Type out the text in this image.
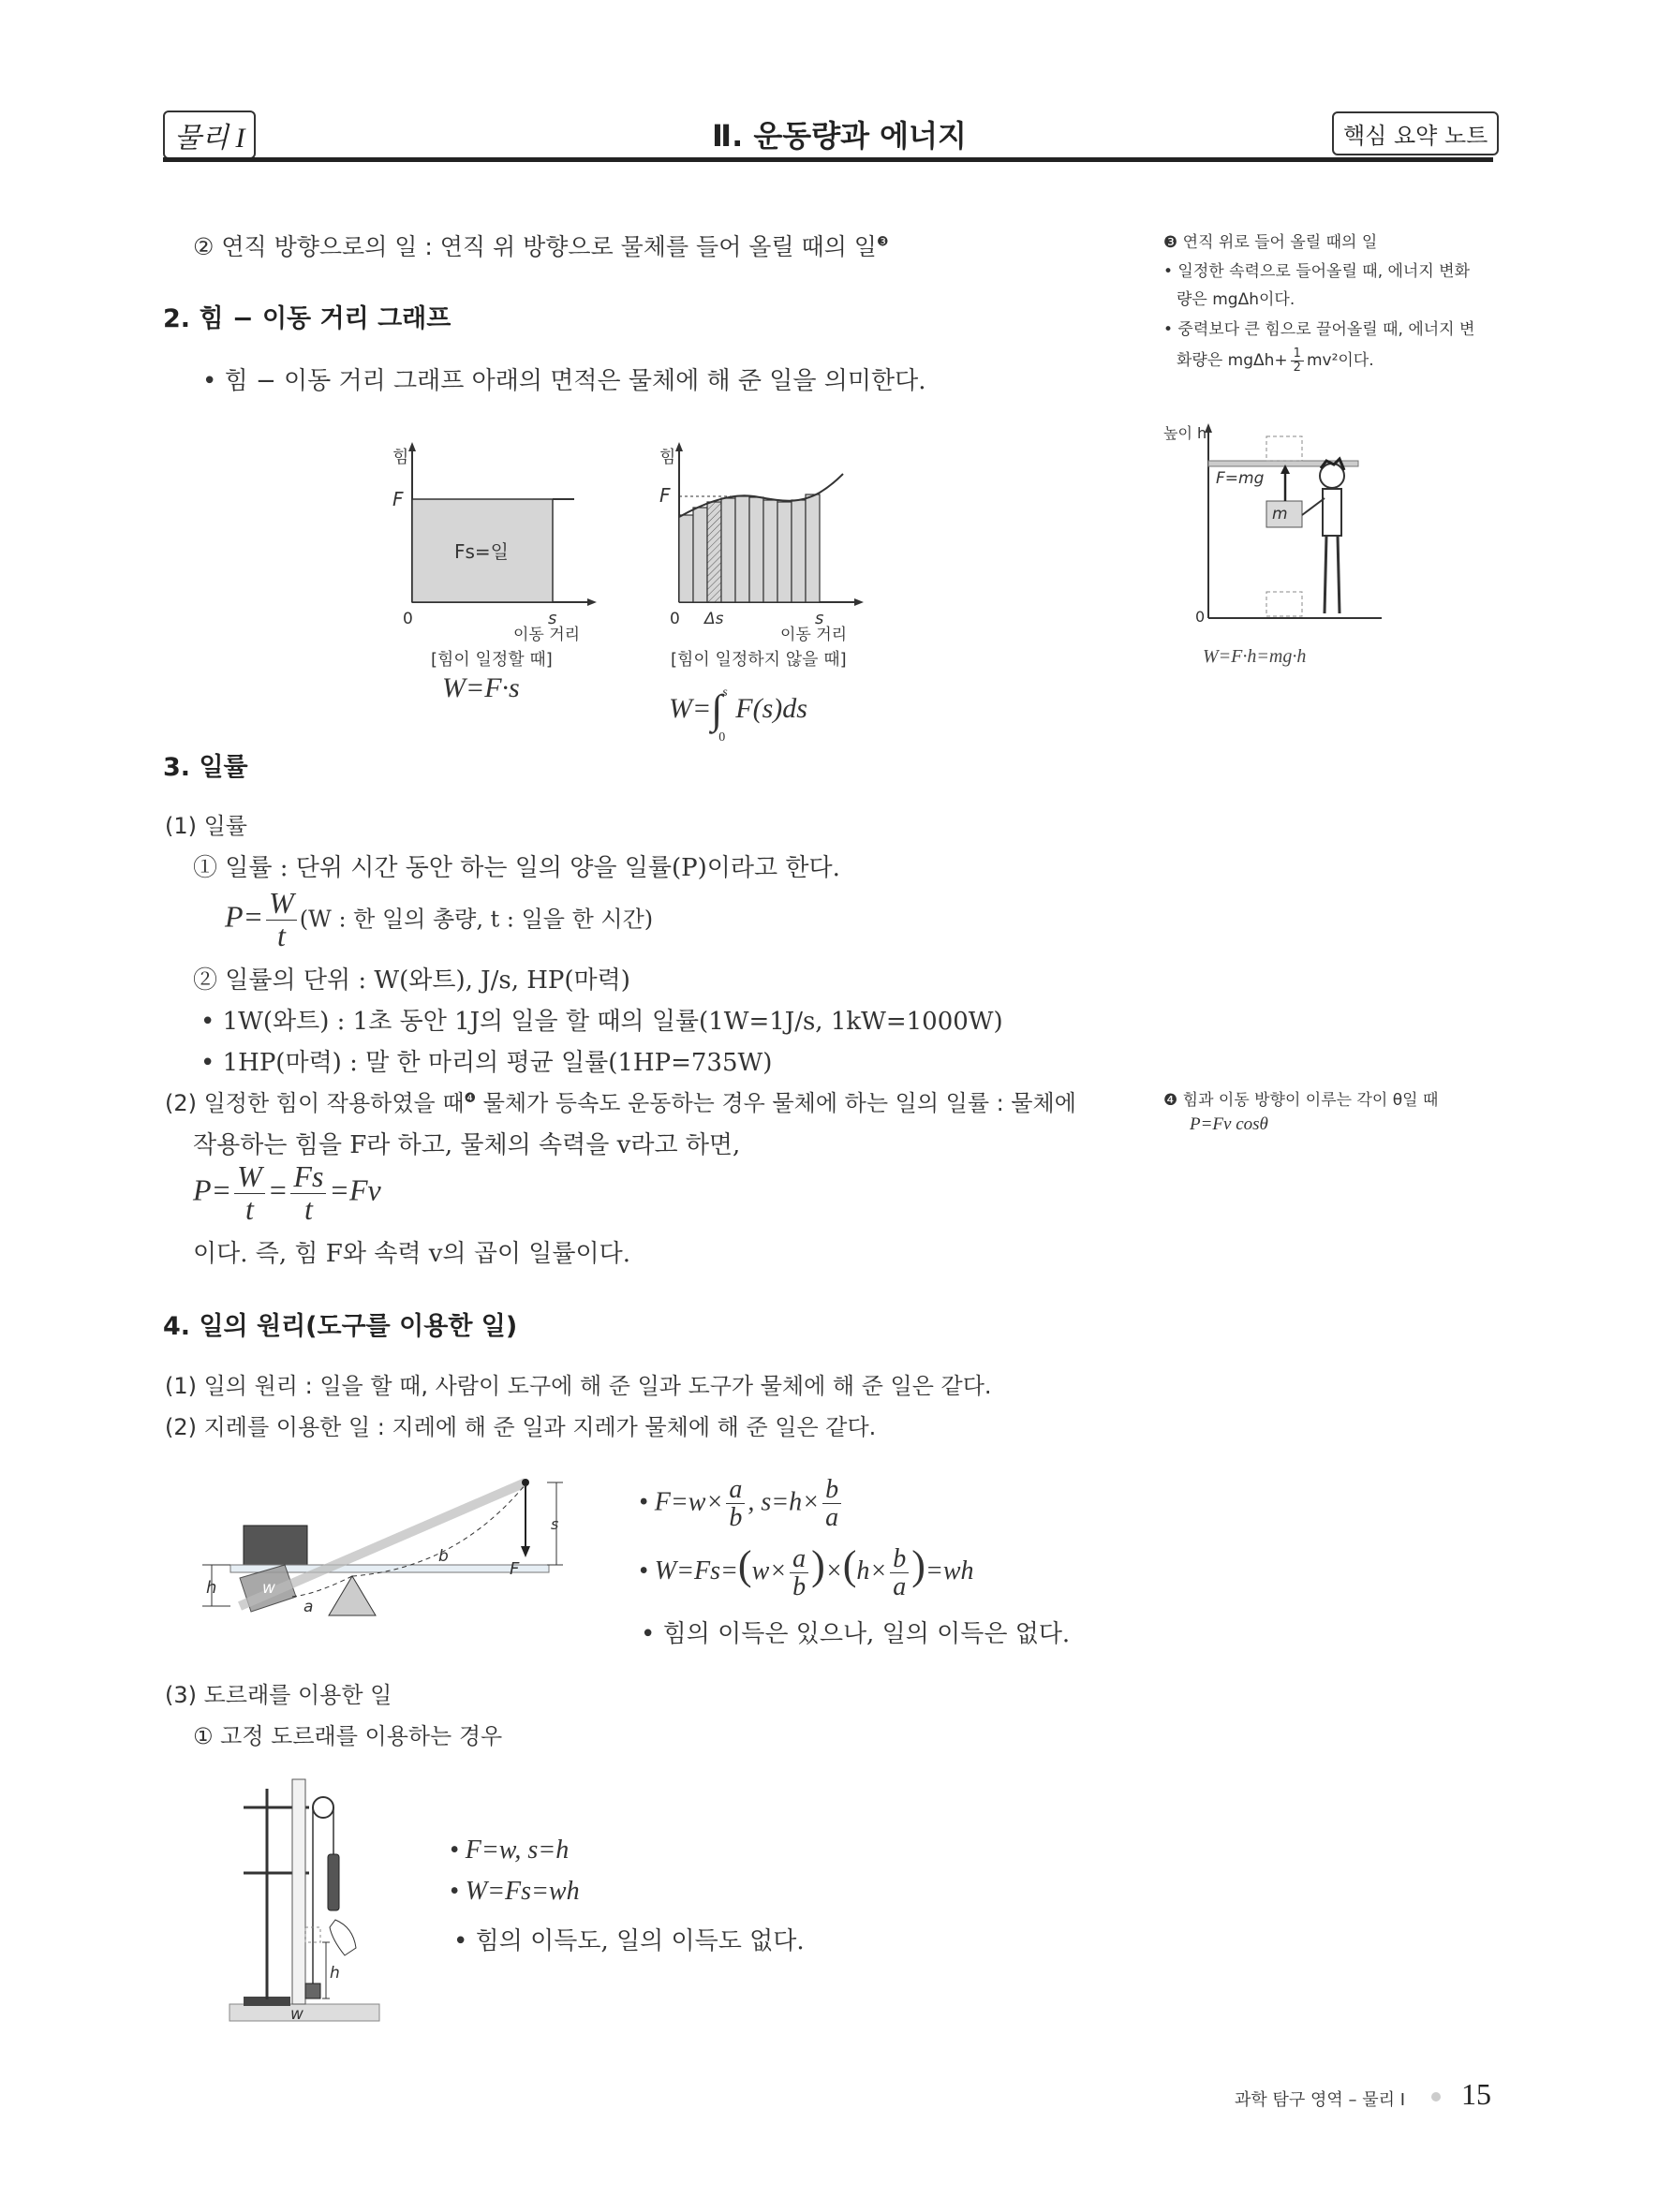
물리 I	Ⅱ. 운동량과 에너지	핵심 요약 노트
❸ 연직 위로 들어 올릴 때의 일
• 일정한 속력으로 들어올릴 때, 에너지 변화
량은 mgΔh이다.
• 중력보다 큰 힘으로 끌어올릴 때, 에너지 변
화량은 $mg\Delta h+ \frac{1}{2} mv^2$이다.
높이 h
F=mg
m
0
W=F·h=mg·h
❹ 힘과 이동 방향이 이루는 각이 θ일 때
P=Fv cosθ
② 연직 방향으로의 일 : 연직 위 방향으로 물체를 들어 올릴 때의 일$^❸$
2. 힘 − 이동 거리 그래프
• 힘 − 이동 거리 그래프 아래의 면적은 물체에 해 준 일을 의미한다.
힘
F
Fs=일
0	s
이동 거리
[힘이 일정할 때]
W=F·s
힘
F
0 Δs	s
이동 거리
[힘이 일정하지 않을 때]
W=∫ s
0
F(s)ds
3. 일률
(1) 일률
① 일률 : 단위 시간 동안 하는 일의 양을 일률(P)이라고 한다.
$P= \frac{W}{t} (W$ : 한 일의 총량, t : 일을 한 시간)
② 일률의 단위 : W(와트), J/s, HP(마력)
• 1W(와트) : 1초 동안 1J의 일을 할 때의 일률(1W=1J/s, 1kW=1000W)
• 1HP(마력) : 말 한 마리의 평균 일률(1HP=735W)
(2) 일정한 힘이 작용하였을 때$^❹$ 물체가 등속도 운동하는 경우 물체에 하는 일의 일률 : 물체에
작용하는 힘을 F라 하고, 물체의 속력을 v라고 하면,
$P= \frac{W}{t} = \frac{Fs}{t} =Fv$
이다. 즉, 힘 F와 속력 v의 곱이 일률이다.
4. 일의 원리(도구를 이용한 일)
(1) 일의 원리 : 일을 할 때, 사람이 도구에 해 준 일과 도구가 물체에 해 준 일은 같다.
(2) 지레를 이용한 일 : 지레에 해 준 일과 지레가 물체에 해 준 일은 같다.
s
b
F
h	w
a
• $F=w\times \frac{a}{b}$ , $s=h\times \frac{b}{a}$
• $W=Fs=(w\times \frac{a}{b} )\times(h\times \frac{b}{a} )=wh$
• 힘의 이득은 있으나, 일의 이득은 없다.
(3) 도르래를 이용한 일
① 고정 도르래를 이용하는 경우
h
w
• F=w, s=h
• W=Fs=wh
• 힘의 이득도, 일의 이득도 없다.
과학 탐구 영역 – 물리 I 15
